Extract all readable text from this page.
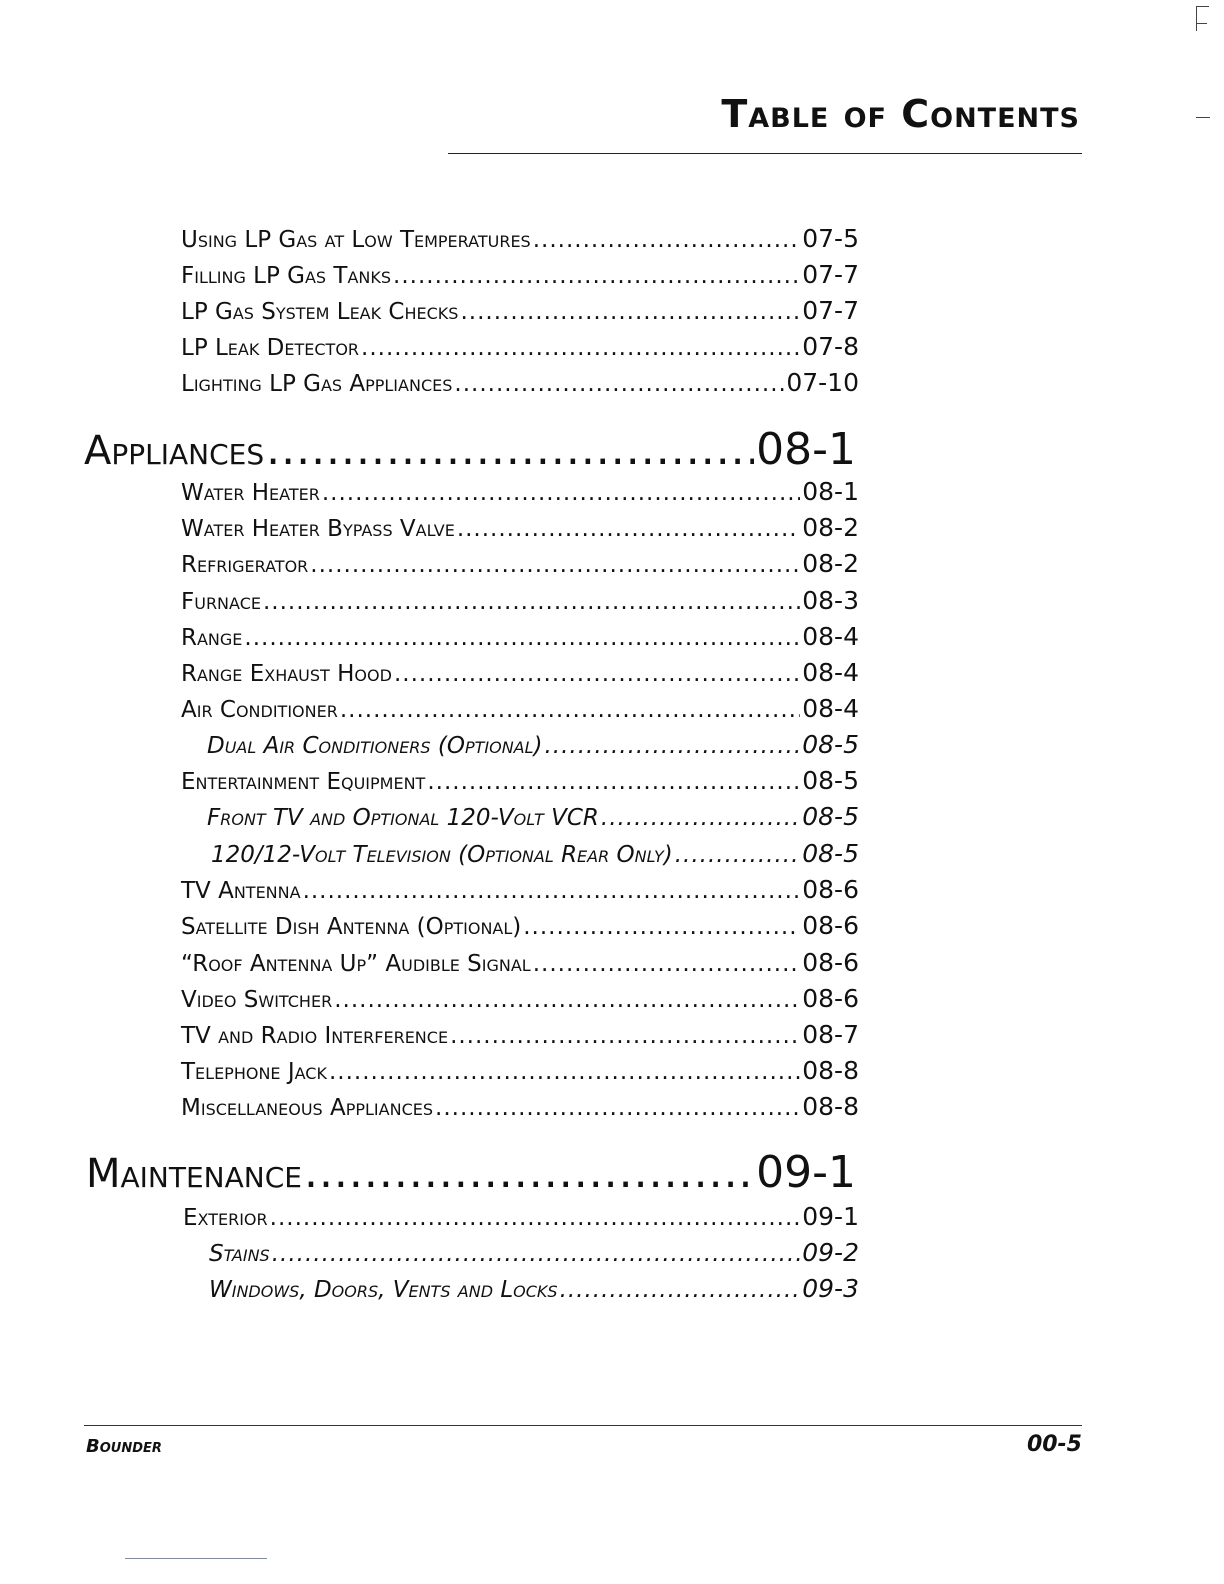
Table of Contents
Using LP Gas at Low Temperatures .....	07-5
Filling LP Gas Tanks .....	07-7
LP Gas System Leak Checks .....	07-7
LP Leak Detector .....	07-8
Lighting LP Gas Appliances .....	07-10
Appliances .....	08-1
Water Heater .....	08-1
Water Heater Bypass Valve .....	08-2
Refrigerator .....	08-2
Furnace .....	08-3
Range .....	08-4
Range Exhaust Hood .....	08-4
Air Conditioner .....	08-4
Dual Air Conditioners (Optional) .....	08-5
Entertainment Equipment .....	08-5
Front TV and Optional 120-Volt VCR .....	08-5
120/12-Volt Television (Optional Rear Only) .....	08-5
TV Antenna .....	08-6
Satellite Dish Antenna (Optional) .....	08-6
“Roof Antenna Up” Audible Signal .....	08-6
Video Switcher .....	08-6
TV and Radio Interference .....	08-7
Telephone Jack .....	08-8
Miscellaneous Appliances .....	08-8
Maintenance .....	09-1
Exterior .....	09-1
Stains .....	09-2
Windows, Doors, Vents and Locks .....	09-3
Bounder	00-5
